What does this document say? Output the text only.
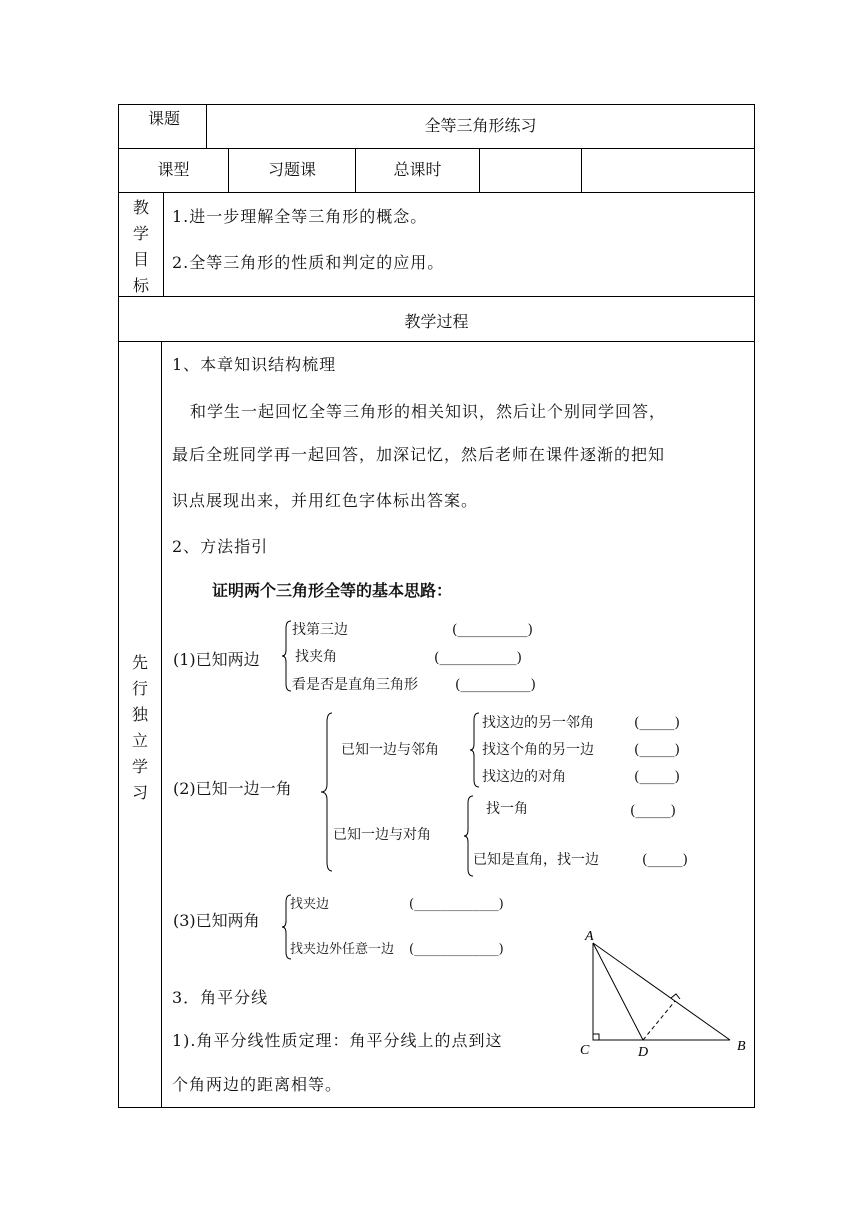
课题	全等三角形练习
课型	习题课	总课时
教
学
目
标
1.进一步理解全等三角形的概念。
2.全等三角形的性质和判定的应用。
教学过程
先
行
独
立
学
习
1、本章知识结构梳理
和学生一起回忆全等三角形的相关知识，然后让个别同学回答，
最后全班同学再一起回答，加深记忆，然后老师在课件逐渐的把知
识点展现出来，并用红色字体标出答案。
2、方法指引
证明两个三角形全等的基本思路：
(1)已知两边
找第三边	(__________)
找夹角	(___________)
看是否是直角三角形	(__________)
(2)已知一边一角
已知一边与邻角
找这边的另一邻角	(_____)
找这个角的另一边	(_____)
找这边的对角	(_____)
已知一边与对角
找一角	(_____)
已知是直角，找一边	(_____)
(3)已知两角
找夹边	(_____________)
找夹边外任意一边 (_____________)
3．角平分线
1).角平分线性质定理：角平分线上的点到这
个角两边的距离相等。
A
C	D	B
